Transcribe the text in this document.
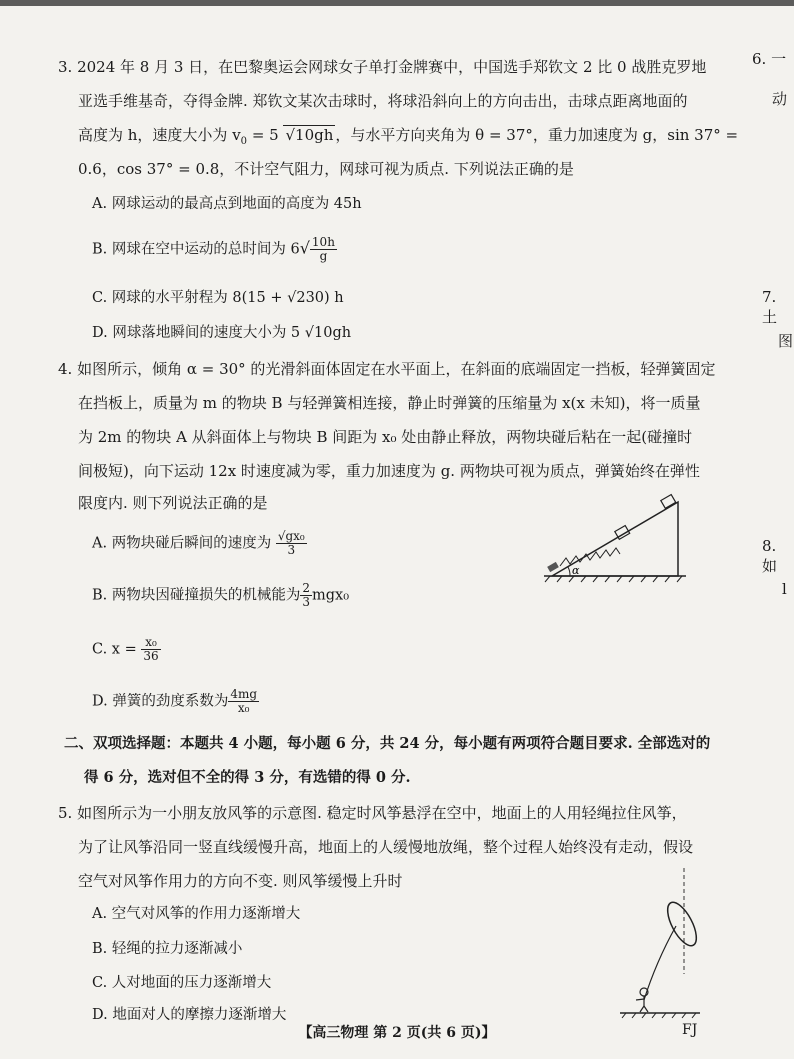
3. 2024 年 8 月 3 日，在巴黎奥运会网球女子单打金牌赛中，中国选手郑钦文 2 比 0 战胜克罗地
亚选手维基奇，夺得金牌. 郑钦文某次击球时，将球沿斜向上的方向击出，击球点距离地面的
高度为 h，速度大小为 $v_0 = 5$ √10gh ，与水平方向夹角为 θ = 37°，重力加速度为 g，sin 37° =
0.6，cos 37° = 0.8，不计空气阻力，网球可视为质点. 下列说法正确的是
A. 网球运动的最高点到地面的高度为 45h
B. 网球在空中运动的总时间为 $6√ \frac{10h}{g}$
C. 网球的水平射程为 8(15 + √230) h
D. 网球落地瞬间的速度大小为 5 √10gh
4. 如图所示，倾角 α = 30° 的光滑斜面体固定在水平面上，在斜面的底端固定一挡板，轻弹簧固定
在挡板上，质量为 m 的物块 B 与轻弹簧相连接，静止时弹簧的压缩量为 x(x 未知)，将一质量
为 2m 的物块 A 从斜面体上与物块 B 间距为 x₀ 处由静止释放，两物块碰后粘在一起(碰撞时
间极短)，向下运动 12x 时速度减为零，重力加速度为 g. 两物块可视为质点，弹簧始终在弹性
限度内. 则下列说法正确的是
A. 两物块碰后瞬间的速度为 $\frac{\text{√gx₀}}{3}$
B. 两物块因碰撞损失的机械能为 $\frac{2}{3} mgx_0$
C. $x = \frac{\text{x₀}}{36}$
D. 弹簧的劲度系数为 $\frac{4mg}{\text{x₀}}$
α
二、双项选择题：本题共 4 小题，每小题 6 分，共 24 分，每小题有两项符合题目要求. 全部选对的
得 6 分，选对但不全的得 3 分，有选错的得 0 分.
5. 如图所示为一小朋友放风筝的示意图. 稳定时风筝悬浮在空中，地面上的人用轻绳拉住风筝，
为了让风筝沿同一竖直线缓慢升高，地面上的人缓慢地放绳，整个过程人始终没有走动，假设
空气对风筝作用力的方向不变. 则风筝缓慢上升时
A. 空气对风筝的作用力逐渐增大
B. 轻绳的拉力逐渐减小
C. 人对地面的压力逐渐增大
D. 地面对人的摩擦力逐渐增大
6. 一
动
7. 土
图
8. 如
l
【高三物理 第 2 页(共 6 页)】	FJ
